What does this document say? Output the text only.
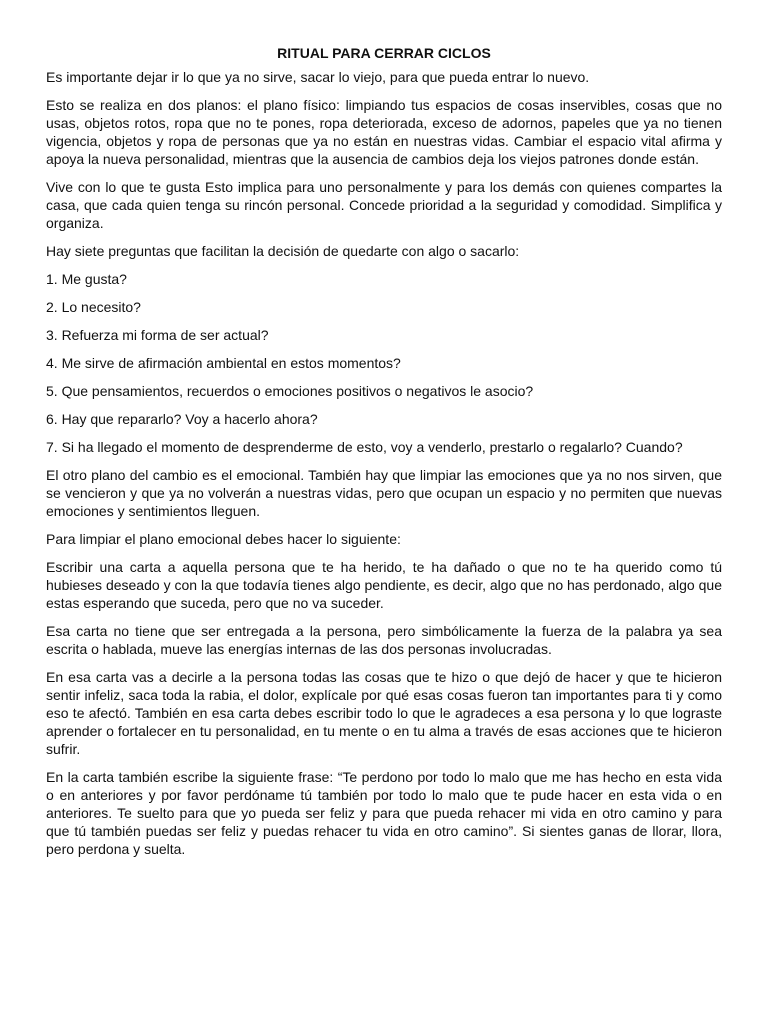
RITUAL PARA CERRAR CICLOS

Es importante dejar ir lo que ya no sirve, sacar lo viejo, para que pueda entrar lo nuevo.

Esto se realiza en dos planos: el plano físico: limpiando tus espacios de cosas inservibles, cosas que no usas, objetos rotos, ropa que no te pones, ropa deteriorada, exceso de adornos, papeles que ya no tienen vigencia, objetos y ropa de personas que ya no están en nuestras vidas. Cambiar el espacio vital afirma y apoya la nueva personalidad, mientras que la ausencia de cambios deja los viejos patrones donde están.

Vive con lo que te gusta Esto implica para uno personalmente y para los demás con quienes compartes la casa, que cada quien tenga su rincón personal. Concede prioridad a la seguridad y comodidad. Simplifica y organiza.

Hay siete preguntas que facilitan la decisión de quedarte con algo o sacarlo:

1. Me gusta?

2. Lo necesito?

3. Refuerza mi forma de ser actual?

4. Me sirve de afirmación ambiental en estos momentos?

5. Que pensamientos, recuerdos o emociones positivos o negativos le asocio?

6. Hay que repararlo? Voy a hacerlo ahora?

7. Si ha llegado el momento de desprenderme de esto, voy a venderlo, prestarlo o regalarlo? Cuando?

El otro plano del cambio es el emocional. También hay que limpiar las emociones que ya no nos sirven, que se vencieron y que ya no volverán a nuestras vidas, pero que ocupan un espacio y no permiten que nuevas emociones y sentimientos lleguen.

Para limpiar el plano emocional debes hacer lo siguiente:

Escribir una carta a aquella persona que te ha herido, te ha dañado o que no te ha querido como tú hubieses deseado y con la que todavía tienes algo pendiente, es decir, algo que no has perdonado, algo que estas esperando que suceda, pero que no va suceder.

Esa carta no tiene que ser entregada a la persona, pero simbólicamente la fuerza de la palabra ya sea escrita o hablada, mueve las energías internas de las dos personas involucradas.

En esa carta vas a decirle a la persona todas las cosas que te hizo o que dejó de hacer y que te hicieron sentir infeliz, saca toda la rabia, el dolor, explícale por qué esas cosas fueron tan importantes para ti y como eso te afectó. También en esa carta debes escribir todo lo que le agradeces a esa persona y lo que lograste aprender o fortalecer en tu personalidad, en tu mente o en tu alma a través de esas acciones que te hicieron sufrir.

En la carta también escribe la siguiente frase: “Te perdono por todo lo malo que me has hecho en esta vida o en anteriores y por favor perdóname tú también por todo lo malo que te pude hacer en esta vida o en anteriores. Te suelto para que yo pueda ser feliz y para que pueda rehacer mi vida en otro camino y para que tú también puedas ser feliz y puedas rehacer tu vida en otro camino”. Si sientes ganas de llorar, llora, pero perdona y suelta.
